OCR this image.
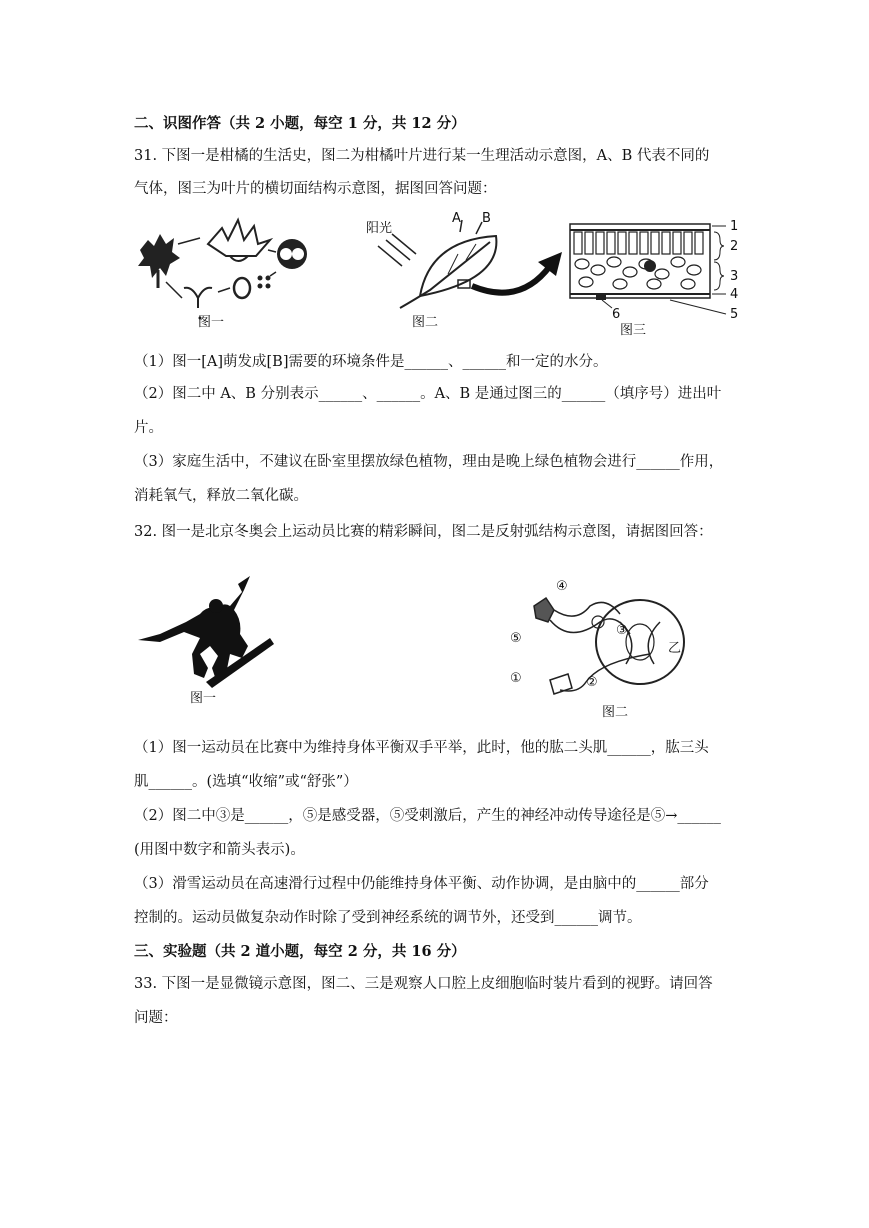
二、识图作答（共 2 小题，每空 1 分，共 12 分）
31. 下图一是柑橘的生活史，图二为柑橘叶片进行某一生理活动示意图，A、B 代表不同的
气体，图三为叶片的横切面结构示意图，据图回答问题：
图一
阳光
A B
图二
1
2
3
4
5
6
图三
（1）图一[A]萌发成[B]需要的环境条件是______、______和一定的水分。
（2）图二中 A、B 分别表示______、______。A、B 是通过图三的______（填序号）进出叶
片。
（3）家庭生活中，不建议在卧室里摆放绿色植物，理由是晚上绿色植物会进行______作用，
消耗氧气，释放二氧化碳。
32. 图一是北京冬奥会上运动员比赛的精彩瞬间，图二是反射弧结构示意图，请据图回答：
图一
①	②
③
④
⑤
乙
图二
（1）图一运动员在比赛中为维持身体平衡双手平举，此时，他的肱二头肌______，肱三头
肌______。(选填“收缩”或“舒张”）
（2）图二中③是______，⑤是感受器，⑤受刺激后，产生的神经冲动传导途径是⑤→______
(用图中数字和箭头表示)。
（3）滑雪运动员在高速滑行过程中仍能维持身体平衡、动作协调，是由脑中的______部分
控制的。运动员做复杂动作时除了受到神经系统的调节外，还受到______调节。
三、实验题（共 2 道小题，每空 2 分，共 16 分）
33. 下图一是显微镜示意图，图二、三是观察人口腔上皮细胞临时装片看到的视野。请回答
问题：
